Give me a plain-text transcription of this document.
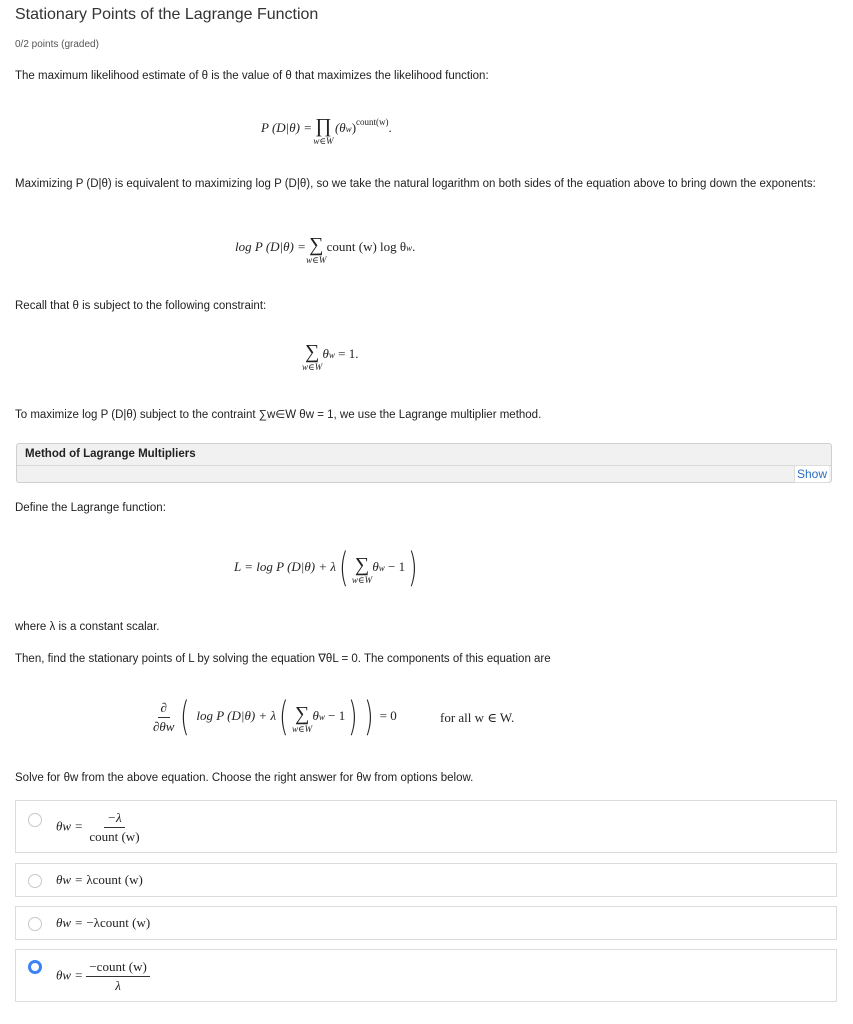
Stationary Points of the Lagrange Function
0/2 points (graded)
The maximum likelihood estimate of θ is the value of θ that maximizes the likelihood function:
P (D|θ) = ∏
w∈W
$(\theta w)^{count(w)}$.
Maximizing P (D|θ) is equivalent to maximizing log P (D|θ), so we take the natural logarithm on both sides of the equation above to bring down the exponents:
log P (D|θ) = ∑
w∈W
count (w) log θw.
Recall that θ is subject to the following constraint:
∑
w∈W
θw = 1.
To maximize log P (D|θ) subject to the contraint ∑w∈W θw = 1, we use the Lagrange multiplier method.
Method of Lagrange Multipliers
Show
Define the Lagrange function:
L = log P (D|θ) + λ( ∑
w∈W
θw − 1)
where λ is a constant scalar.
Then, find the stationary points of L by solving the equation ∇θL = 0. The components of this equation are
$\frac{\partial}{\partial\theta w}$ ( log P (D|θ) + λ( ∑
w∈W
θw − 1) ) = 0	for all w ∈ W.
Solve for θw from the above equation. Choose the right answer for θw from options below.
$\theta w = \frac{-\lambda}{\text{count (w)}}$
θw = λcount (w)
θw = −λcount (w)
$\theta w = \frac{\text{−count (w)}}{\lambda}$
